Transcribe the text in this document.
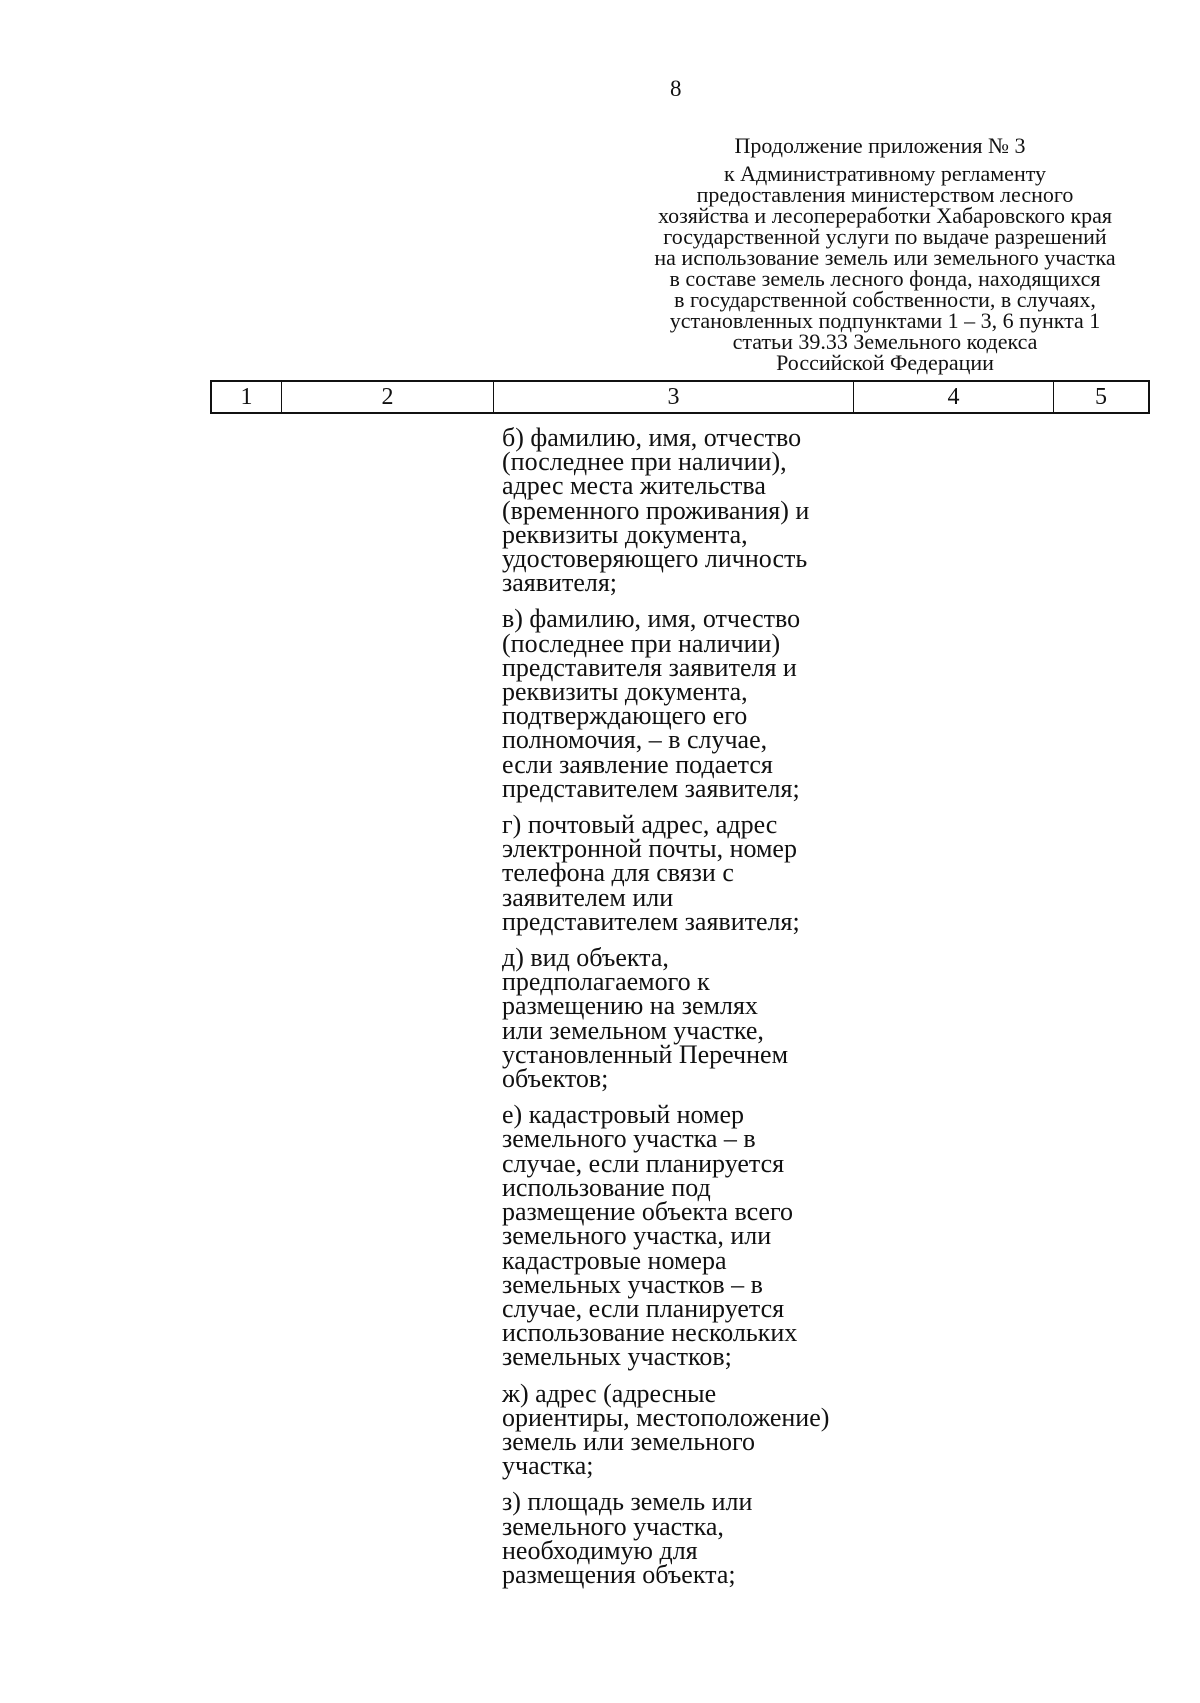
8
Продолжение приложения № 3
к Административному регламенту
предоставления министерством лесного
хозяйства и лесопереработки Хабаровского края
государственной услуги по выдаче разрешений
на использование земель или земельного участка
в составе земель лесного фонда, находящихся
в государственной собственности, в случаях,
установленных подпунктами 1 – 3, 6 пункта 1
статьи 39.33 Земельного кодекса
Российской Федерации
1	2	3	4	5
б) фамилию, имя, отчество
(последнее при наличии),
адрес места жительства
(временного проживания) и
реквизиты документа,
удостоверяющего личность
заявителя;
в) фамилию, имя, отчество
(последнее при наличии)
представителя заявителя и
реквизиты документа,
подтверждающего его
полномочия, – в случае,
если заявление подается
представителем заявителя;
г) почтовый адрес, адрес
электронной почты, номер
телефона для связи с
заявителем или
представителем заявителя;
д) вид объекта,
предполагаемого к
размещению на землях
или земельном участке,
установленный Перечнем
объектов;
е) кадастровый номер
земельного участка – в
случае, если планируется
использование под
размещение объекта всего
земельного участка, или
кадастровые номера
земельных участков – в
случае, если планируется
использование нескольких
земельных участков;
ж) адрес (адресные
ориентиры, местоположение)
земель или земельного
участка;
з) площадь земель или
земельного участка,
необходимую для
размещения объекта;
